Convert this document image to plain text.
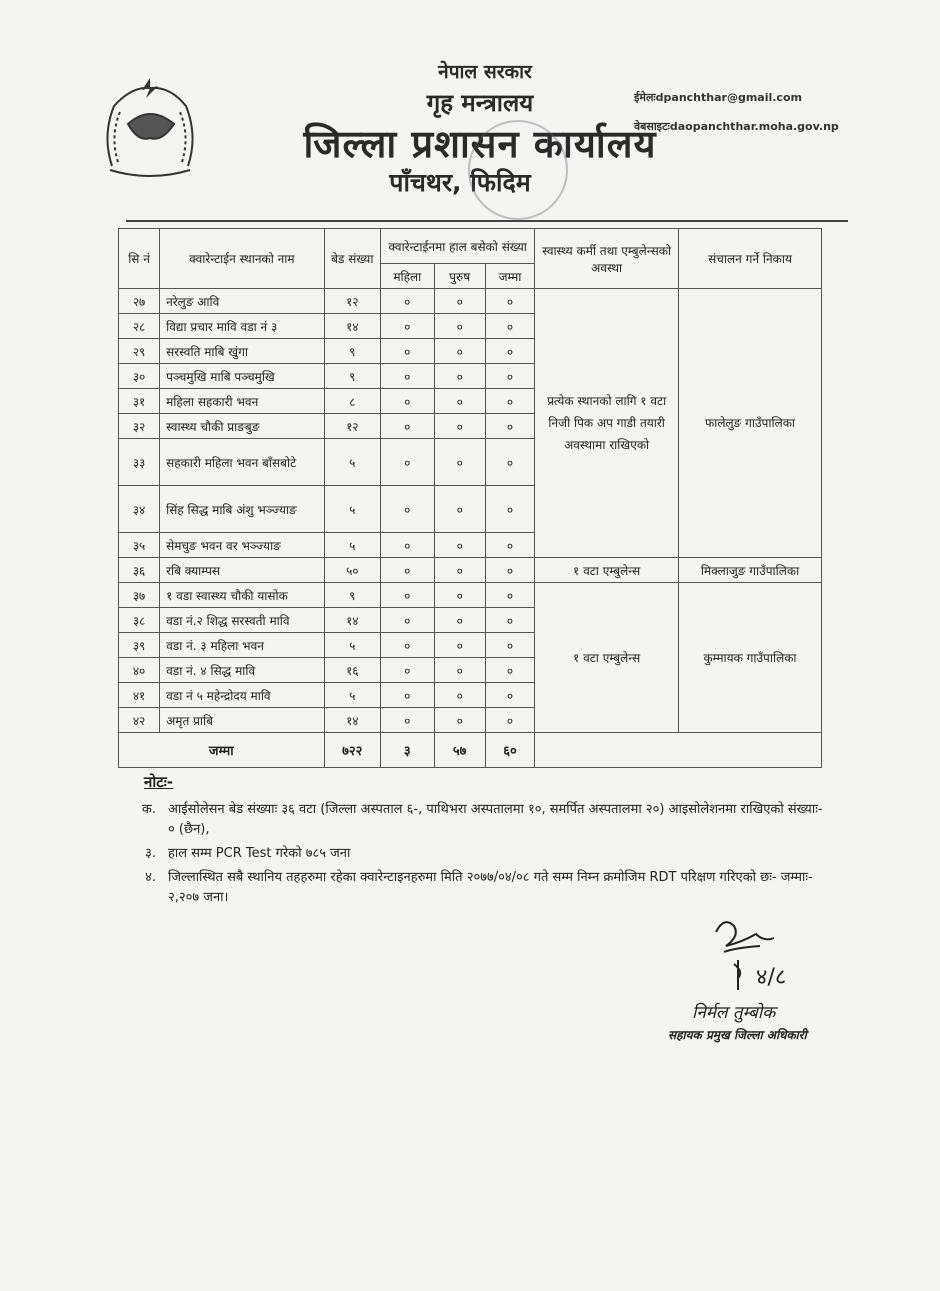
नेपाल सरकार
गृह मन्त्रालय
जिल्ला प्रशासन कार्यालय
पाँचथर, फिदिम
ईमेलःdpanchthar@gmail.com
वेबसाइटःdaopanchthar.moha.gov.np
सि नं	क्वारेन्टाईन स्थानको नाम	बेड संख्या	क्वारेन्टाईनमा हाल बसेको संख्या			स्वास्थ्य कर्मी तथा एम्बुलेन्सको अवस्था	संचालन गर्ने निकाय
			महिला	पुरुष	जम्मा		
२७	नरेलुङ आवि	१२	०	०	०	प्रत्येक स्थानको लागि १ वटा निजी पिक अप गाडी तयारी अवस्थामा राखिएको	फालेलुङ गाउँपालिका
२८	विद्या प्रचार मावि वडा नं ३	१४	०	०	०		
२९	सरस्वति माबि खुंगा	९	०	०	०		
३०	पञ्चमुखि माबि पञ्चमुखि	९	०	०	०		
३१	महिला सहकारी भवन	८	०	०	०		
३२	स्वास्थ्य चौकी प्राङबुङ	१२	०	०	०		
३३	सहकारी महिला भवन बाँसबोटे	५	०	०	०		
३४	सिंह सिद्ध माबि अंशु भञ्ज्याङ	५	०	०	०		
३५	सेमचुङ भवन वर भञ्ज्याङ	५	०	०	०		
३६	रबि क्याम्पस	५०	०	०	०	१ वटा एम्बुलेन्स	मिक्लाजुङ गाउँपालिका
३७	१ वडा स्वास्थ्य चौकी यासोक	९	०	०	०	१ वटा एम्बुलेन्स	कुम्मायक गाउँपालिका
३८	वडा नं.२ शिद्ध सरस्वती मावि	१४	०	०	०		
३९	वडा नं. ३ महिला भवन	५	०	०	०		
४०	वडा नं. ४ सिद्ध मावि	१६	०	०	०		
४१	वडा नं ५ महेन्द्रोदय मावि	५	०	०	०		
४२	अमृत प्राबि	१४	०	०	०		
जम्मा		७२२	३	५७	६०		
नोटः-
क. आईसोलेसन बेड संख्याः ३६ वटा (जिल्ला अस्पताल ६-, पाथिभरा अस्पतालमा १०, समर्पित अस्पतालमा २०) आइसोलेशनमा राखिएको संख्याः- ० (छैन),
३. हाल सम्म PCR Test गरेको ७८५ जना
४. जिल्लास्थित सबै स्थानिय तहहरुमा रहेका क्वारेन्टाइनहरुमा मिति २०७७/०४/०८ गते सम्म निम्न क्रमोजिम RDT परिक्षण गरिएको छः- जम्माः- २,२०७ जना।
४/८
निर्मल तुम्बोक
सहायक प्रमुख जिल्ला अधिकारी
